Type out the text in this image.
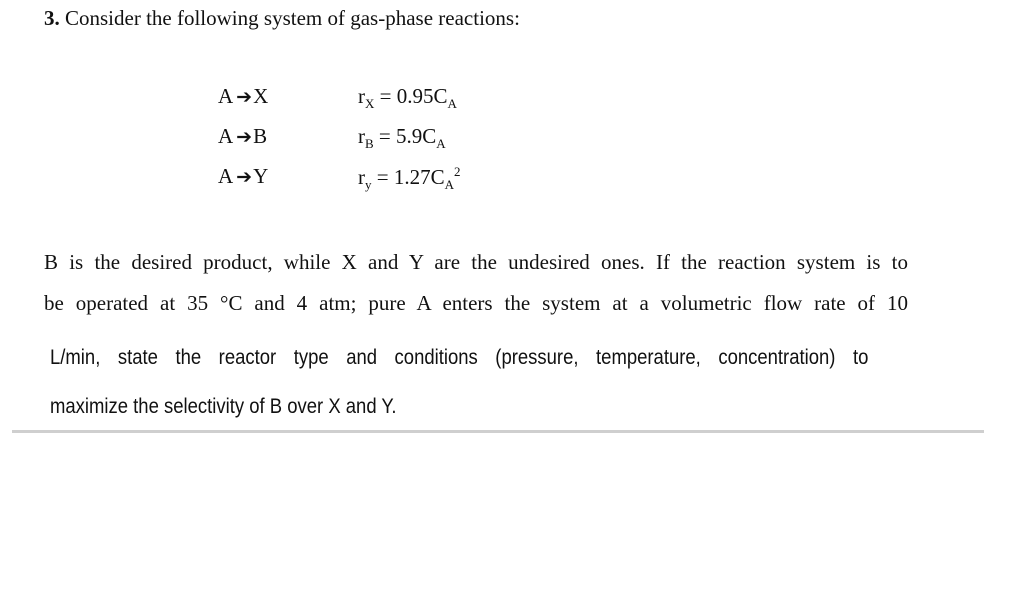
3. Consider the following system of gas-phase reactions:
A ➔X	$r_X = 0.95C_A$
A ➔B	$r_B = 5.9C_A$
A ➔Y	$r_y = 1.27C_A^2$
B is the desired product, while X and Y are the undesired ones. If the reaction system is to
be operated at 35 °C and 4 atm; pure A enters the system at a volumetric flow rate of 10
L/min, state the reactor type and conditions (pressure, temperature, concentration) to
maximize the selectivity of B over X and Y.
